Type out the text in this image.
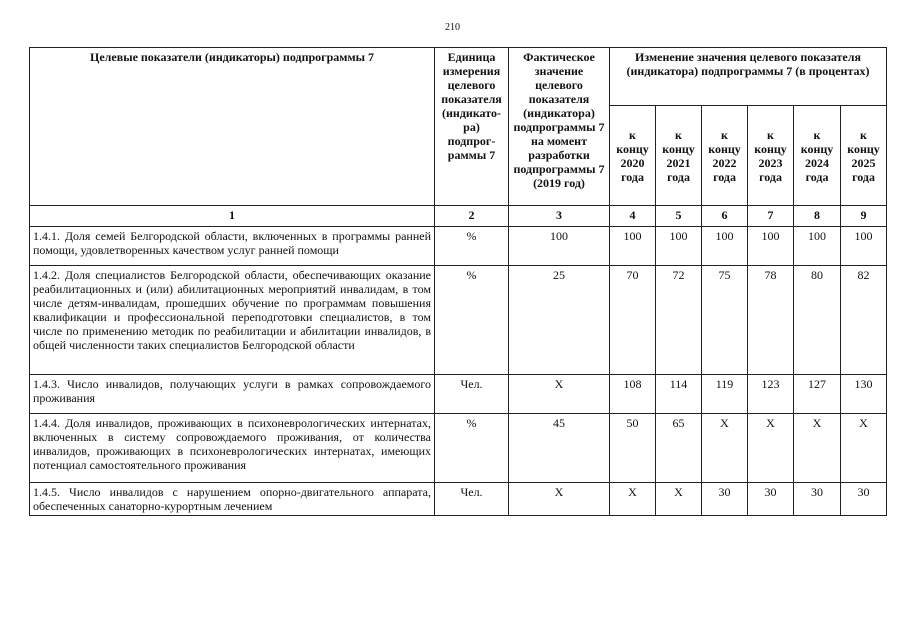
210
Целевые показатели (индикаторы) подпрограммы 7	Единица измерения целевого показателя (индикато-ра) подпрог-раммы 7	Фактическое значение целевого показателя (индикатора) подпрограммы 7 на момент разработки подпрограммы 7 (2019 год)	Изменение значения целевого показателя (индикатора) подпрограммы 7 (в процентах)					
			к концу 2020 года	к концу 2021 года	к концу 2022 года	к концу 2023 года	к концу 2024 года	к концу 2025 года
1	2	3	4	5	6	7	8	9
1.4.1. Доля семей Белгородской области, включенных в программы ранней помощи, удовлетворенных качеством услуг ранней помощи	%	100	100	100	100	100	100	100
1.4.2. Доля специалистов Белгородской области, обеспечивающих оказание реабилитационных и (или) абилитационных мероприятий инвалидам, в том числе детям-инвалидам, прошедших обучение по программам повышения квалификации и профессиональной переподготовки специалистов, в том числе по применению методик по реабилитации и абилитации инвалидов, в общей численности таких специалистов Белгородской области	%	25	70	72	75	78	80	82
1.4.3. Число инвалидов, получающих услуги в рамках сопровождаемого проживания	Чел.	X	108	114	119	123	127	130
1.4.4. Доля инвалидов, проживающих в психоневрологических интернатах, включенных в систему сопровождаемого проживания, от количества инвалидов, проживающих в психоневрологических интернатах, имеющих потенциал самостоятельного проживания	%	45	50	65	X	X	X	X
1.4.5. Число инвалидов с нарушением опорно-двигательного аппарата, обеспеченных санаторно-курортным лечением	Чел.	X	X	X	30	30	30	30
